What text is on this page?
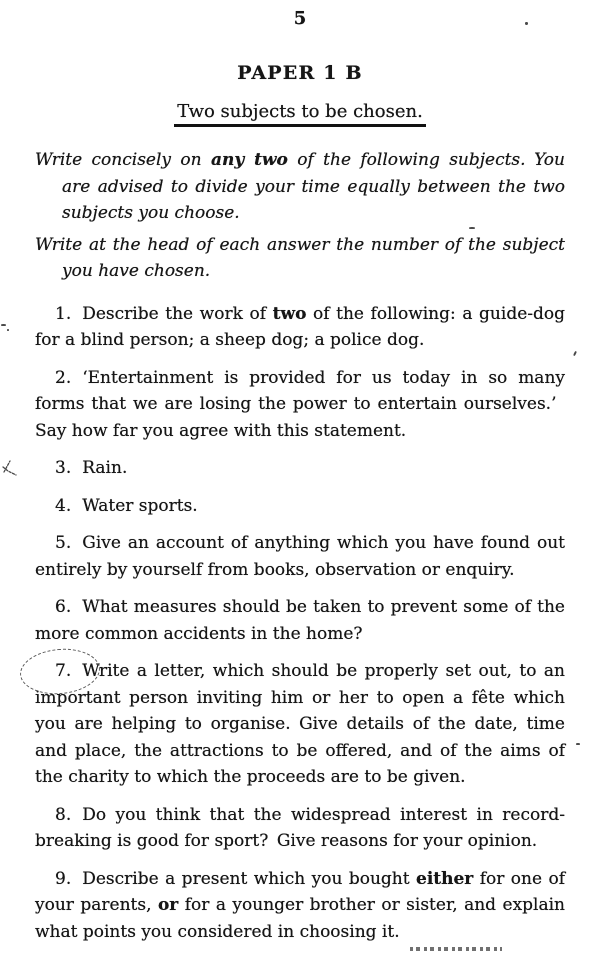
5
PAPER 1 B
Two subjects to be chosen.

Write concisely on any two of the following subjects. You are advised to divide your time equally between the two subjects you choose.

Write at the head of each answer the number of the subject you have chosen.

1. Describe the work of two of the following: a guide-dog for a blind person; a sheep dog; a police dog.

2. ‘Entertainment is provided for us today in so many forms that we are losing the power to entertain ourselves.’ Say how far you agree with this statement.

3. Rain.

4. Water sports.

5. Give an account of anything which you have found out entirely by yourself from books, observation or enquiry.

6. What measures should be taken to prevent some of the more common accidents in the home?

7. Write a letter, which should be properly set out, to an important person inviting him or her to open a fête which you are helping to organise. Give details of the date, time and place, the attractions to be offered, and of the aims of the charity to which the proceeds are to be given.

8. Do you think that the widespread interest in record-breaking is good for sport? Give reasons for your opinion.

9. Describe a present which you bought either for one of your parents, or for a younger brother or sister, and explain what points you considered in choosing it.
